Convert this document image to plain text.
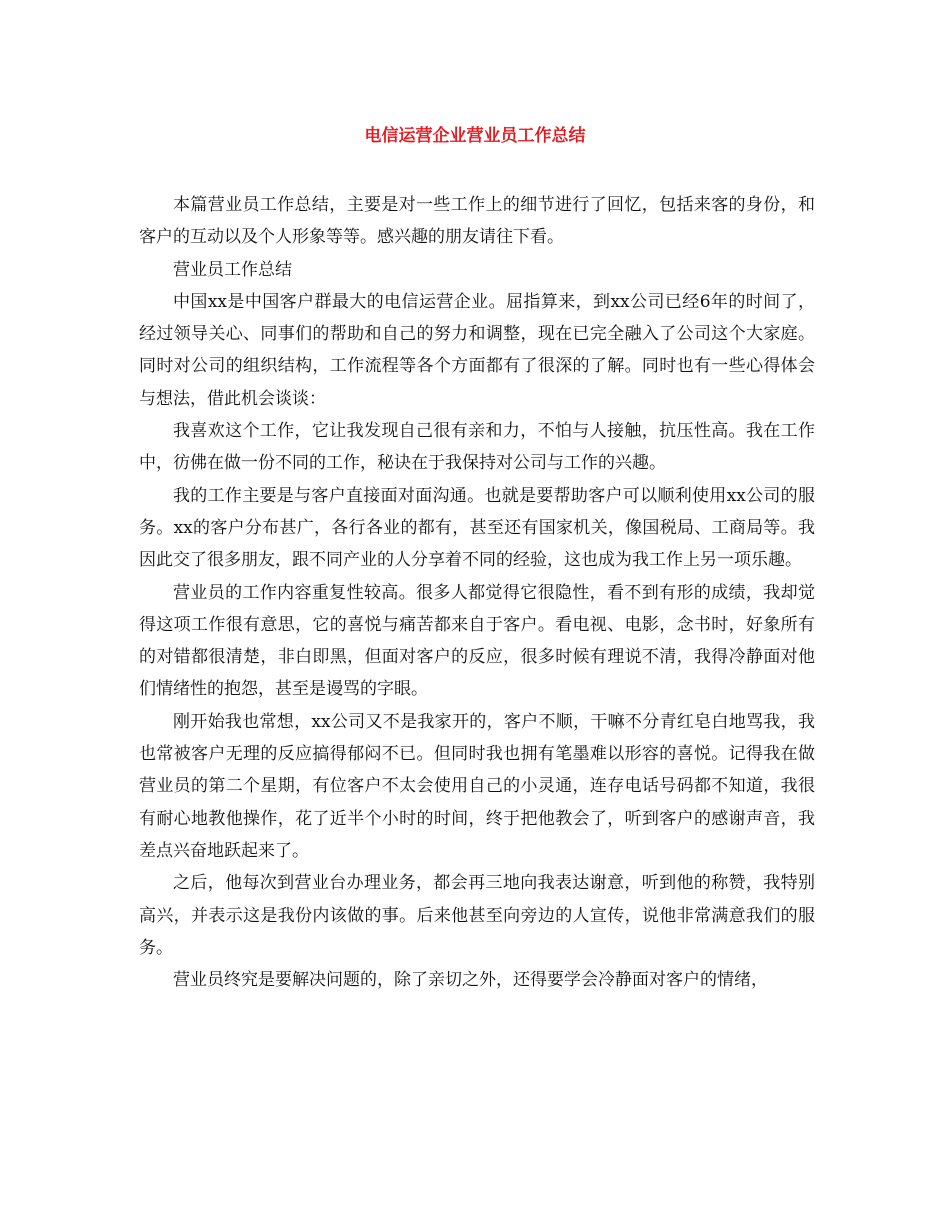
电信运营企业营业员工作总结

本篇营业员工作总结，主要是对一些工作上的细节进行了回忆，包括来客的身份，和客户的互动以及个人形象等等。感兴趣的朋友请往下看。

营业员工作总结

中国xx是中国客户群最大的电信运营企业。屈指算来，到xx公司已经6年的时间了，经过领导关心、同事们的帮助和自己的努力和调整，现在已完全融入了公司这个大家庭。同时对公司的组织结构，工作流程等各个方面都有了很深的了解。同时也有一些心得体会与想法，借此机会谈谈：

我喜欢这个工作，它让我发现自己很有亲和力，不怕与人接触，抗压性高。我在工作中，彷佛在做一份不同的工作，秘诀在于我保持对公司与工作的兴趣。

我的工作主要是与客户直接面对面沟通。也就是要帮助客户可以顺利使用xx公司的服务。xx的客户分布甚广，各行各业的都有，甚至还有国家机关，像国税局、工商局等。我因此交了很多朋友，跟不同产业的人分享着不同的经验，这也成为我工作上另一项乐趣。

营业员的工作内容重复性较高。很多人都觉得它很隐性，看不到有形的成绩，我却觉得这项工作很有意思，它的喜悦与痛苦都来自于客户。看电视、电影，念书时，好象所有的对错都很清楚，非白即黑，但面对客户的反应，很多时候有理说不清，我得冷静面对他们情绪性的抱怨，甚至是谩骂的字眼。

刚开始我也常想，xx公司又不是我家开的，客户不顺，干嘛不分青红皂白地骂我，我也常被客户无理的反应搞得郁闷不已。但同时我也拥有笔墨难以形容的喜悦。记得我在做营业员的第二个星期，有位客户不太会使用自己的小灵通，连存电话号码都不知道，我很有耐心地教他操作，花了近半个小时的时间，终于把他教会了，听到客户的感谢声音，我差点兴奋地跃起来了。

之后，他每次到营业台办理业务，都会再三地向我表达谢意，听到他的称赞，我特别高兴，并表示这是我份内该做的事。后来他甚至向旁边的人宣传，说他非常满意我们的服务。

营业员终究是要解决问题的，除了亲切之外，还得要学会冷静面对客户的情绪，
